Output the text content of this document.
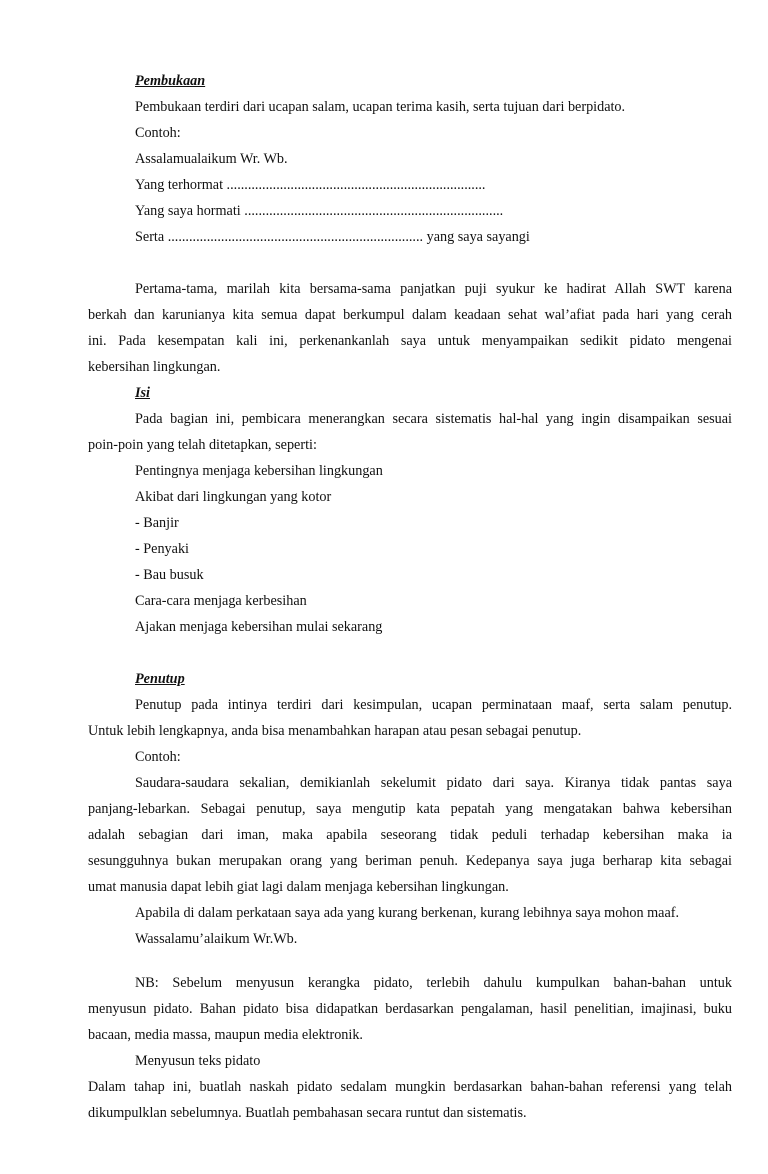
Pembukaan
Pembukaan terdiri dari ucapan salam, ucapan terima kasih, serta tujuan dari berpidato.
Contoh:
Assalamualaikum Wr. Wb.
Yang terhormat .........................................................................
Yang saya hormati .........................................................................
Serta ........................................................................ yang saya sayangi
Pertama-tama, marilah kita bersama-sama panjatkan puji syukur ke hadirat Allah SWT karena
berkah dan karunianya kita semua dapat berkumpul dalam keadaan sehat wal’afiat pada hari yang cerah
ini. Pada kesempatan kali ini, perkenankanlah saya untuk menyampaikan sedikit pidato mengenai
kebersihan lingkungan.
Isi
Pada bagian ini, pembicara menerangkan secara sistematis hal-hal yang ingin disampaikan sesuai
poin-poin yang telah ditetapkan, seperti:
Pentingnya menjaga kebersihan lingkungan
Akibat dari lingkungan yang kotor
- Banjir
- Penyaki
- Bau busuk
Cara-cara menjaga kerbesihan
Ajakan menjaga kebersihan mulai sekarang
Penutup
Penutup pada intinya terdiri dari kesimpulan, ucapan perminataan maaf, serta salam penutup.
Untuk lebih lengkapnya, anda bisa menambahkan harapan atau pesan sebagai penutup.
Contoh:
Saudara-saudara sekalian, demikianlah sekelumit pidato dari saya. Kiranya tidak pantas saya
panjang-lebarkan. Sebagai penutup, saya mengutip kata pepatah yang mengatakan bahwa kebersihan
adalah sebagian dari iman, maka apabila seseorang tidak peduli terhadap kebersihan maka ia
sesungguhnya bukan merupakan orang yang beriman penuh. Kedepanya saya juga berharap kita sebagai
umat manusia dapat lebih giat lagi dalam menjaga kebersihan lingkungan.
Apabila di dalam perkataan saya ada yang kurang berkenan, kurang lebihnya saya mohon maaf.
Wassalamu’alaikum Wr.Wb.
NB: Sebelum menyusun kerangka pidato, terlebih dahulu kumpulkan bahan-bahan untuk
menyusun pidato. Bahan pidato bisa didapatkan berdasarkan pengalaman, hasil penelitian, imajinasi, buku
bacaan, media massa, maupun media elektronik.
Menyusun teks pidato
Dalam tahap ini, buatlah naskah pidato sedalam mungkin berdasarkan bahan-bahan referensi yang telah
dikumpulklan sebelumnya. Buatlah pembahasan secara runtut dan sistematis.
